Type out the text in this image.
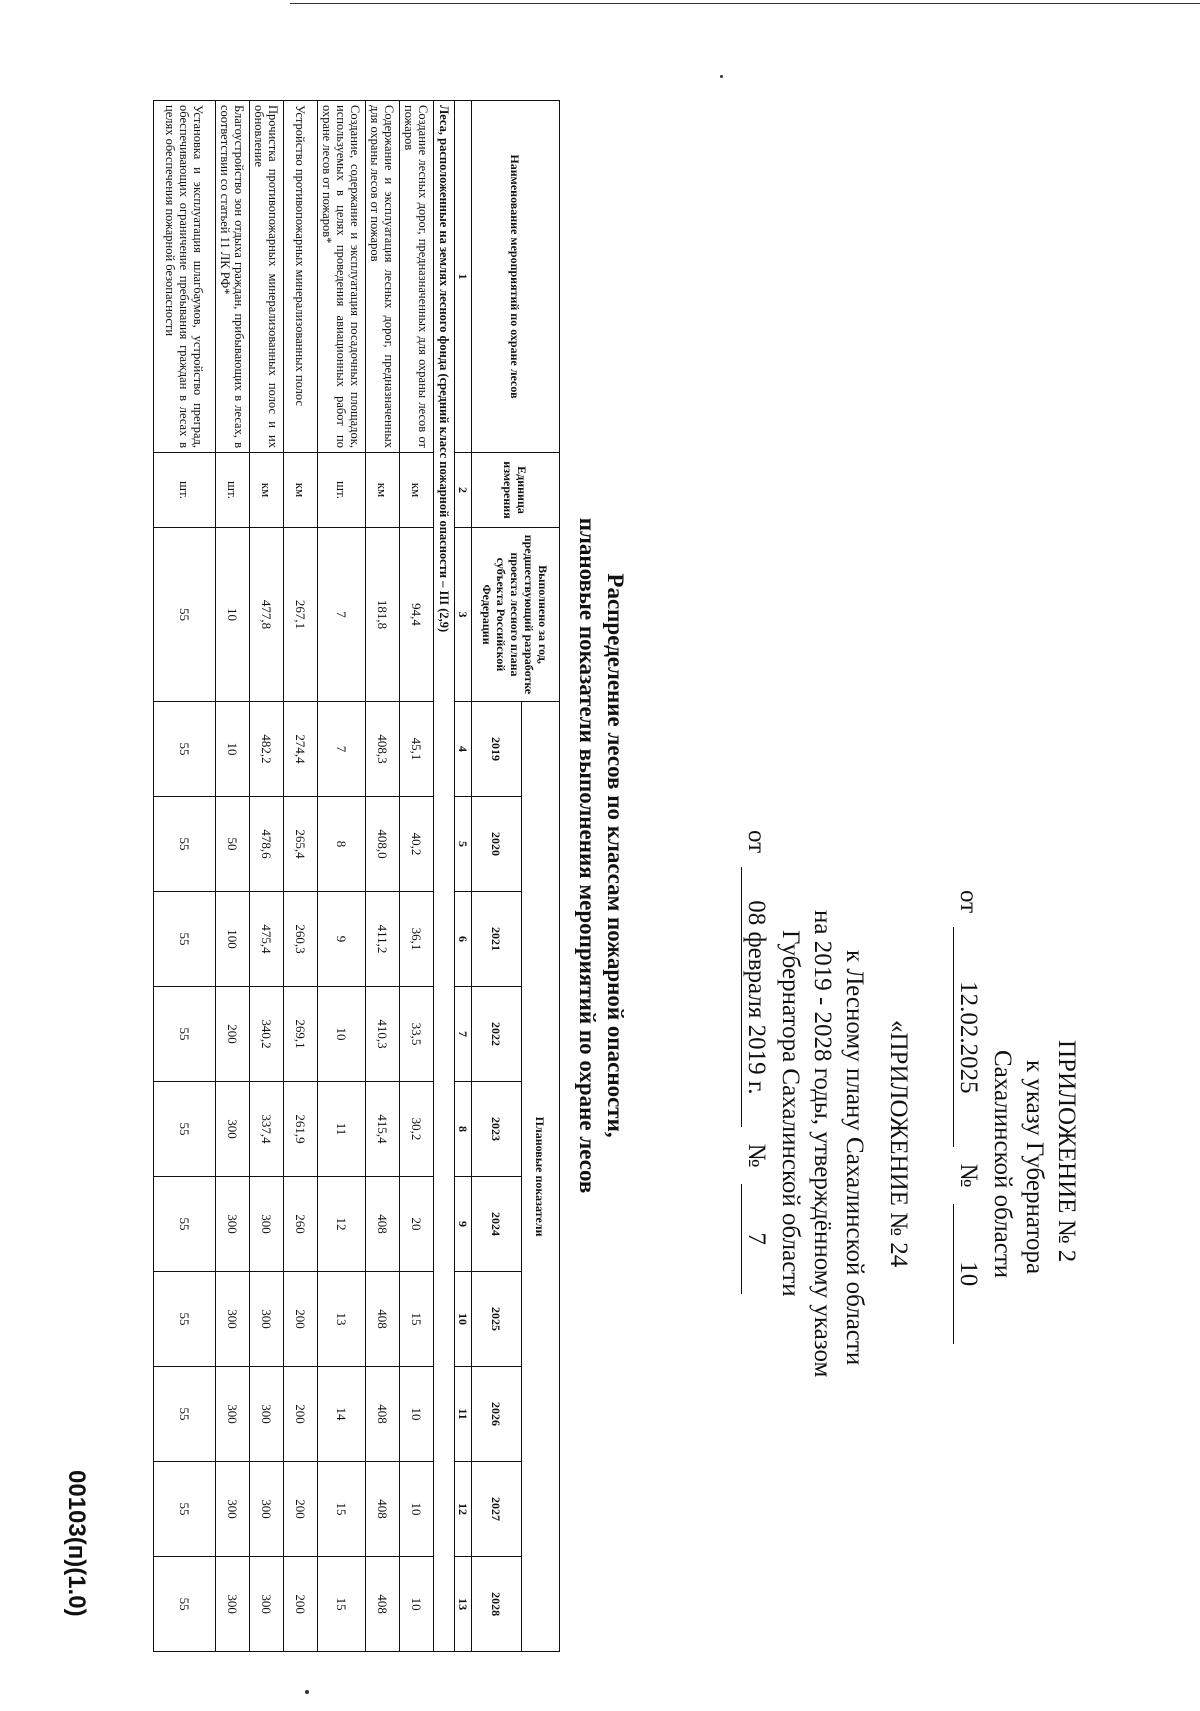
ПРИЛОЖЕНИЕ № 2
к указу Губернатора
Сахалинской области
от 12.02.2025 № 10
«ПРИЛОЖЕНИЕ № 24
к Лесному плану Сахалинской области
на 2019 - 2028 годы, утверждённому указом
Губернатора Сахалинской области
от 08 февраля 2019 г. № 7
Распределение лесов по классам пожарной опасности,
плановые показатели выполнения мероприятий по охране лесов
Наименование мероприятий по охране лесов	Единица измерения	Выполнено за год, предшествующий разработке проекта лесного плана субъекта Российской Федерации	Плановые показатели									
			2019	2020	2021	2022	2023	2024	2025	2026	2027	2028
1	2	3	4	5	6	7	8	9	10	11	12	13
Леса, расположенные на землях лесного фонда (средний класс пожарной опасности – III (2,9)												
Создание лесных дорог, предназначенных для охраны лесов от пожаров	км	94,4	45,1	40,2	36,1	33,5	30,2	20	15	10	10	10
Содержание и эксплуатация лесных дорог, предназначенных для охраны лесов от пожаров	км	181,8	408,3	408,0	411,2	410,3	415,4	408	408	408	408	408
Создание, содержание и эксплуатация посадочных площадок, используемых в целях проведения авиационных работ по охране лесов от пожаров*	шт.	7	7	8	9	10	11	12	13	14	15	15
Устройство противопожарных минерализованных полос	км	267,1	274,4	265,4	260,3	269,1	261,9	260	200	200	200	200
Прочистка противопожарных минерализованных полос и их обновление	км	477,8	482,2	478,6	475,4	340,2	337,4	300	300	300	300	300
Благоустройство зон отдыха граждан, прибывающих в лесах, в соответствии со статьей 11 ЛК РФ*	шт.	10	10	50	100	200	300	300	300	300	300	300
Установка и эксплуатация шлагбаумов, устройство преград, обеспечивающих ограничение пребывания граждан в лесах в целях обеспечения пожарной безопасности	шт.	55	55	55	55	55	55	55	55	55	55	55
00103(п)(1.0)
